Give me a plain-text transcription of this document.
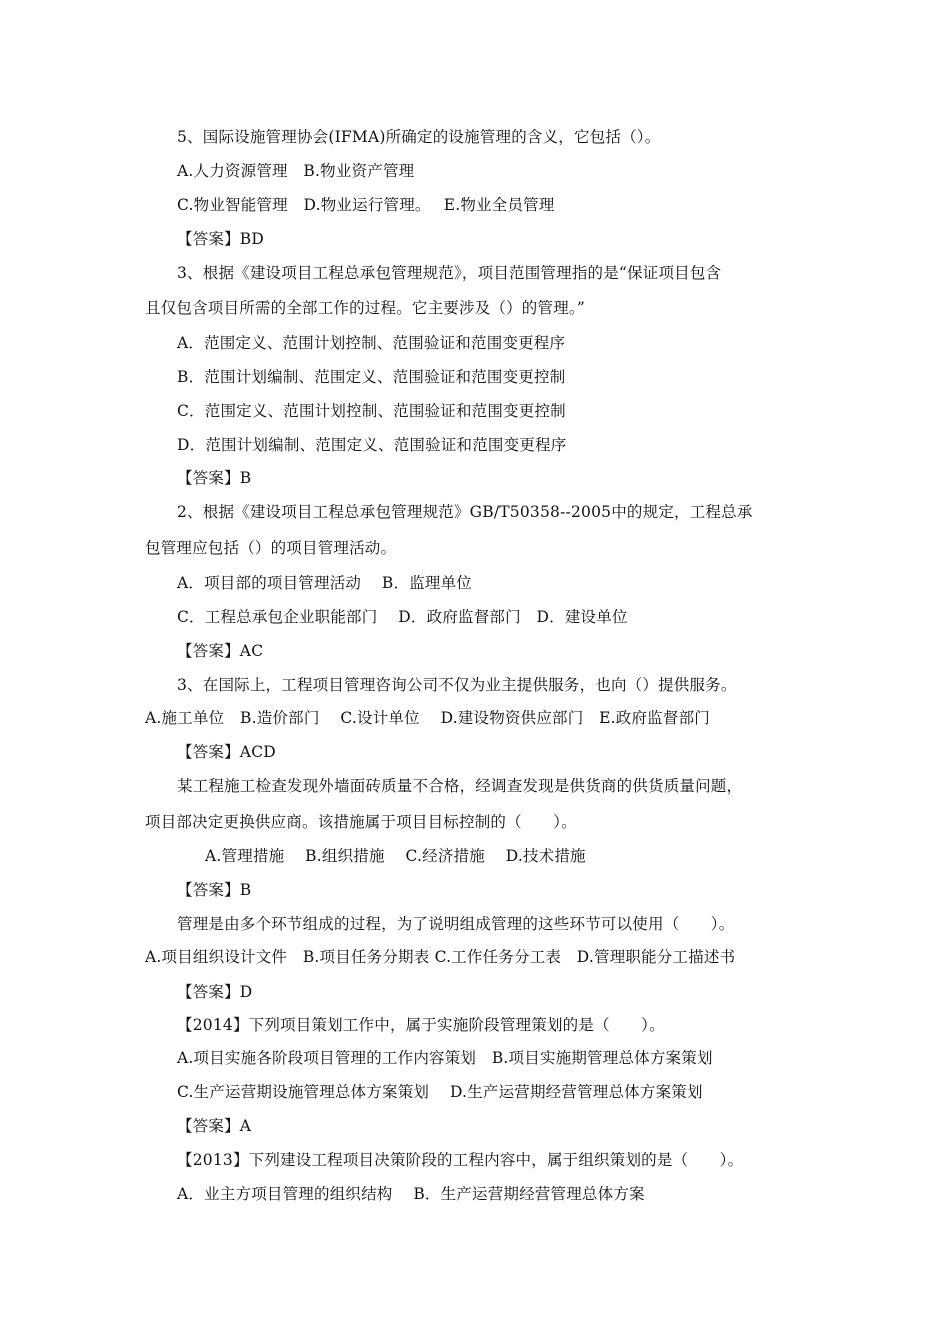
5、国际设施管理协会(IFMA)所确定的设施管理的含义，它包括（）。
A.人力资源管理　B.物业资产管理
C.物业智能管理　D.物业运行管理。　 E.物业全员管理
【答案】BD
3、根据《建设项目工程总承包管理规范》，项目范围管理指的是“保证项目包含
且仅包含项目所需的全部工作的过程。它主要涉及（）的管理。”
A．范围定义、范围计划控制、范围验证和范围变更程序
B．范围计划编制、范围定义、范围验证和范围变更控制
C．范围定义、范围计划控制、范围验证和范围变更控制
D．范围计划编制、范围定义、范围验证和范围变更程序
【答案】B
2、根据《建设项目工程总承包管理规范》GB/T50358--2005中的规定，工程总承
包管理应包括（）的项目管理活动。
A．项目部的项目管理活动　 B．监理单位
C．工程总承包企业职能部门　 D．政府监督部门　D．建设单位
【答案】AC
3、在国际上，工程项目管理咨询公司不仅为业主提供服务，也向（）提供服务。
A.施工单位　B.造价部门　 C.设计单位　 D.建设物资供应部门　E.政府监督部门
【答案】ACD
某工程施工检查发现外墙面砖质量不合格，经调查发现是供货商的供货质量问题，
项目部决定更换供应商。该措施属于项目目标控制的（　　）。
A.管理措施　 B.组织措施　 C.经济措施　 D.技术措施
【答案】B
管理是由多个环节组成的过程，为了说明组成管理的这些环节可以使用（　　）。
A.项目组织设计文件　B.项目任务分期表 C.工作任务分工表　D.管理职能分工描述书
【答案】D
【2014】下列项目策划工作中，属于实施阶段管理策划的是（　　）。
A.项目实施各阶段项目管理的工作内容策划　B.项目实施期管理总体方案策划
C.生产运营期设施管理总体方案策划　 D.生产运营期经营管理总体方案策划
【答案】A
【2013】下列建设工程项目决策阶段的工程内容中，属于组织策划的是（　　）。
A．业主方项目管理的组织结构　 B．生产运营期经营管理总体方案
